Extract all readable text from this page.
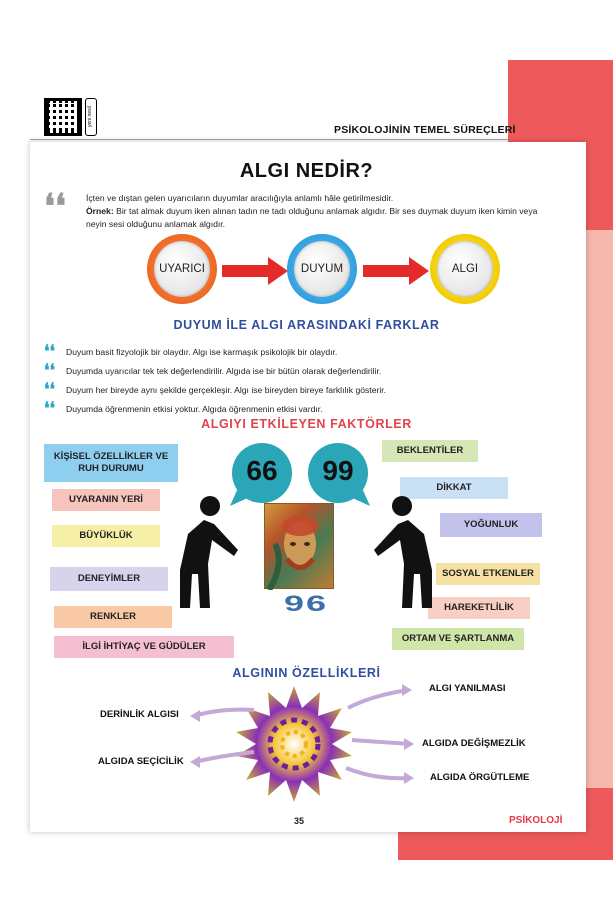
yeni nesil
PSİKOLOJİNİN TEMEL SÜREÇLERİ
ALGI NEDİR?
❛❛ İçten ve dıştan gelen uyarıcıların duyumlar aracılığıyla anlamlı hâle getirilmesidir.
Örnek: Bir tat almak duyum iken alınan tadın ne tadı olduğunu anlamak algıdır. Bir ses duymak duyum iken kimin veya
neyin sesi olduğunu anlamak algıdır.
UYARICI	DUYUM	ALGI
DUYUM İLE ALGI ARASINDAKİ FARKLAR
❛❛	Duyum basit fizyolojik bir olaydır. Algı ise karmaşık psikolojik bir olaydır.
❛❛	Duyumda uyarıcılar tek tek değerlendirilir. Algıda ise bir bütün olarak değerlendirilir.
❛❛	Duyum her bireyde aynı şekilde gerçekleşir. Algı ise bireyden bireye farklılık gösterir.
❛❛	Duyumda öğrenmenin etkisi yoktur. Algıda öğrenmenin etkisi vardır.
ALGIYI ETKİLEYEN FAKTÖRLER
KİŞİSEL ÖZELLİKLER VE RUH DURUMU
UYARANIN YERİ
BÜYÜKLÜK
DENEYİMLER
RENKLER
İLGİ İHTİYAÇ VE GÜDÜLER
BEKLENTİLER
DİKKAT
YOĞUNLUK
SOSYAL ETKENLER
HAREKETLİLİK
ORTAM VE ŞARTLANMA
66	99
96
ALGININ ÖZELLİKLERİ
DERİNLİK ALGISI
ALGIDA SEÇİCİLİK
ALGI YANILMASI
ALGIDA DEĞİŞMEZLİK
ALGIDA ÖRGÜTLEME
35	PSİKOLOJİ
